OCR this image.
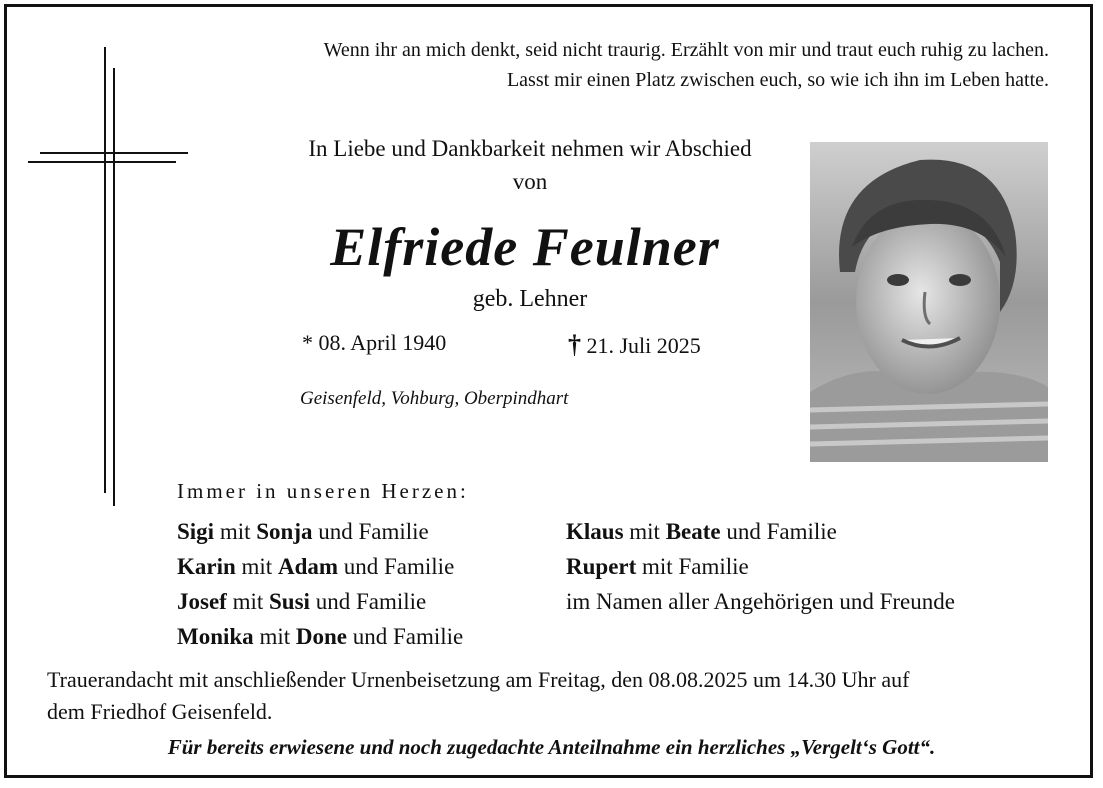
Wenn ihr an mich denkt, seid nicht traurig. Erzählt von mir und traut euch ruhig zu lachen.
Lasst mir einen Platz zwischen euch, so wie ich ihn im Leben hatte.
In Liebe und Dankbarkeit nehmen wir Abschied
von
Elfriede Feulner
geb. Lehner
* 08. April 1940	† 21. Juli 2025
Geisenfeld, Vohburg, Oberpindhart
Immer in unseren Herzen:
Sigi mit Sonja und Familie
Karin mit Adam und Familie
Josef mit Susi und Familie
Monika mit Done und Familie
Klaus mit Beate und Familie
Rupert mit Familie
im Namen aller Angehörigen und Freunde
Trauerandacht mit anschließender Urnenbeisetzung am Freitag, den 08.08.2025 um 14.30 Uhr auf
dem Friedhof Geisenfeld.
Für bereits erwiesene und noch zugedachte Anteilnahme ein herzliches „Vergelt‘s Gott“.
